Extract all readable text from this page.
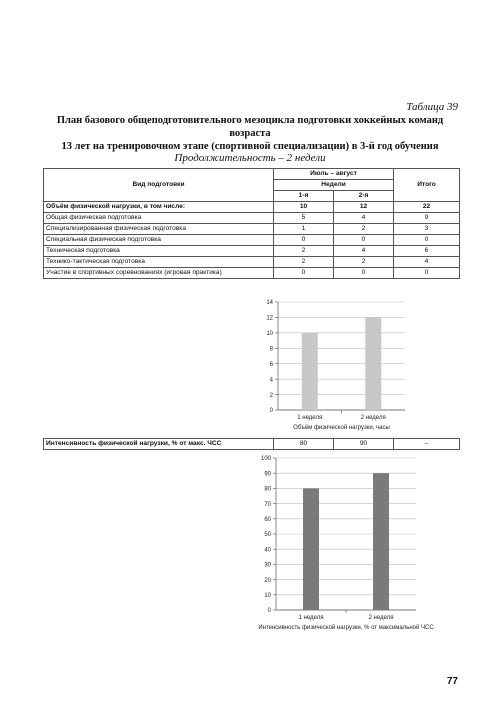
Таблица 39
План базового общеподготовительного мезоцикла подготовки хоккейных команд возраста
13 лет на тренировочном этапе (спортивной специализации) в 3-й год обучения
Продолжительность – 2 недели
Вид подготовки	Июль – август		Итого
	Недели		
	1-я	2-я	
Объём физической нагрузки, в том числе:	10	12	22
Общая физическая подготовка	5	4	9
Специализированная физическая подготовка	1	2	3
Специальная физическая подготовка	0	0	0
Техническая подготовка	2	4	6
Технико-тактическая подготовка	2	2	4
Участие в спортивных соревнованиях (игровая практика)	0	0	0
0
2
4
6
8
10
12
14
1 неделя	2 неделя
Объём физической нагрузки, часы
Интенсивность физической нагрузки, % от макс. ЧСС	80	90	–
0
10
20
30
40
50
60
70
80
90
100
1 неделя	2 неделя
Интенсивность физической нагрузки, % от максимальной ЧСС
77
